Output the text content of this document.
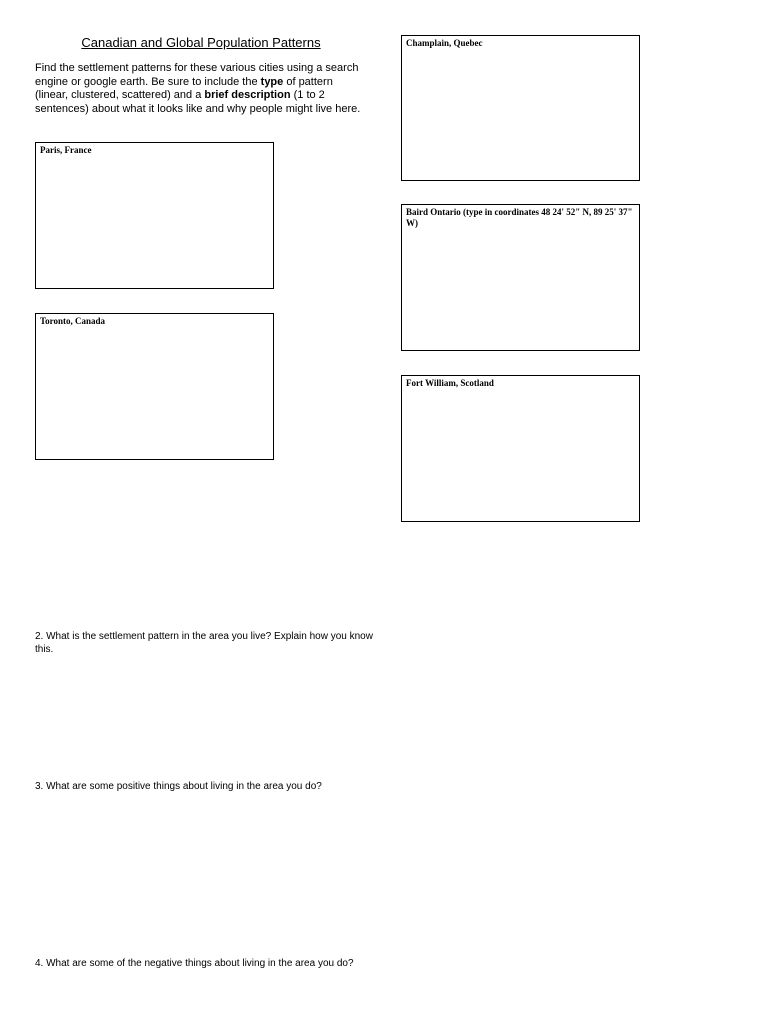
Canadian and Global Population Patterns

Find the settlement patterns for these various cities using a search engine or google earth. Be sure to include the type of pattern (linear, clustered, scattered) and a brief description (1 to 2 sentences) about what it looks like and why people might live here.

Paris, France
Toronto, Canada
Champlain, Quebec
Baird Ontario (type in coordinates 48 24' 52" N, 89 25' 37" W)
Fort William, Scotland

2. What is the settlement pattern in the area you live? Explain how you know this.

3. What are some positive things about living in the area you do?

4. What are some of the negative things about living in the area you do?
